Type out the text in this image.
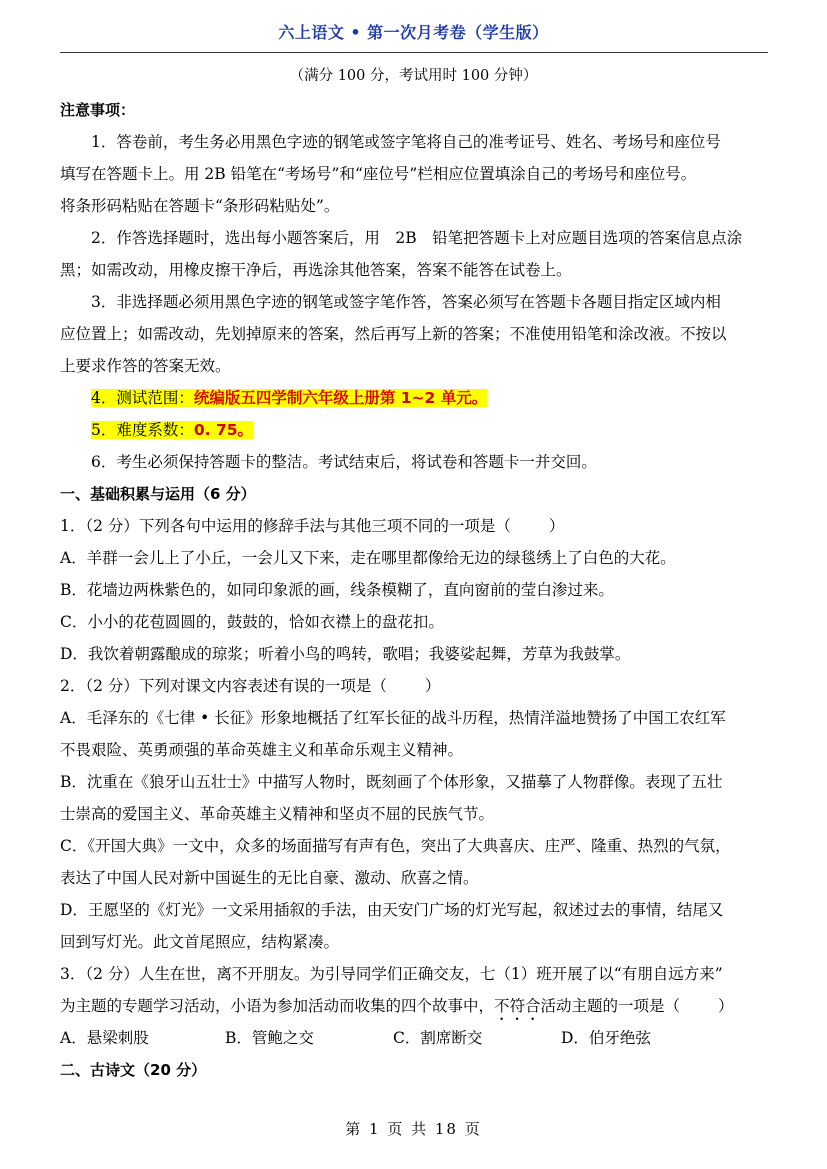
六上语文 • 第一次月考卷（学生版）
（满分 100 分，考试用时 100 分钟）
注意事项：
1．答卷前，考生务必用黑色字迹的钢笔或签字笔将自己的准考证号、姓名、考场号和座位号
填写在答题卡上。用 2B 铅笔在“考场号”和“座位号”栏相应位置填涂自己的考场号和座位号。
将条形码粘贴在答题卡“条形码粘贴处”。
2．作答选择题时，选出每小题答案后，用　2B　铅笔把答题卡上对应题目选项的答案信息点涂
黑；如需改动，用橡皮擦干净后，再选涂其他答案，答案不能答在试卷上。
3．非选择题必须用黑色字迹的钢笔或签字笔作答，答案必须写在答题卡各题目指定区域内相
应位置上；如需改动，先划掉原来的答案，然后再写上新的答案；不准使用铅笔和涂改液。不按以
上要求作答的答案无效。
4．测试范围：统编版五四学制六年级上册第 1~2 单元。
5．难度系数：0. 75。
6．考生必须保持答题卡的整洁。考试结束后，将试卷和答题卡一并交回。
一、基础积累与运用（6 分）
1．（2 分）下列各句中运用的修辞手法与其他三项不同的一项是（ ）
A．羊群一会儿上了小丘，一会儿又下来，走在哪里都像给无边的绿毯绣上了白色的大花。
B．花墙边两株紫色的，如同印象派的画，线条模糊了，直向窗前的莹白渗过来。
C．小小的花苞圆圆的，鼓鼓的，恰如衣襟上的盘花扣。
D．我饮着朝露酿成的琼浆；听着小鸟的鸣转，歌唱；我婆娑起舞，芳草为我鼓掌。
2．（2 分）下列对课文内容表述有误的一项是（ ）
A．毛泽东的《七律 • 长征》形象地概括了红军长征的战斗历程，热情洋溢地赞扬了中国工农红军
不畏艰险、英勇顽强的革命英雄主义和革命乐观主义精神。
B．沈重在《狼牙山五壮士》中描写人物时，既刻画了个体形象，又描摹了人物群像。表现了五壮
士崇高的爱国主义、革命英雄主义精神和坚贞不屈的民族气节。
C．《开国大典》一文中，众多的场面描写有声有色，突出了大典喜庆、庄严、隆重、热烈的气氛，
表达了中国人民对新中国诞生的无比自豪、激动、欣喜之情。
D．王愿坚的《灯光》一文采用插叙的手法，由天安门广场的灯光写起，叙述过去的事情，结尾又
回到写灯光。此文首尾照应，结构紧凑。
3．（2 分）人生在世，离不开朋友。为引导同学们正确交友，七（1）班开展了以“有朋自远方来”
为主题的专题学习活动，小语为参加活动而收集的四个故事中，不符合活动主题的一项是（ ）
A．悬梁刺股	B．管鲍之交	C．割席断交	D．伯牙绝弦
二、古诗文（20 分）
第 1 页 共 18 页
